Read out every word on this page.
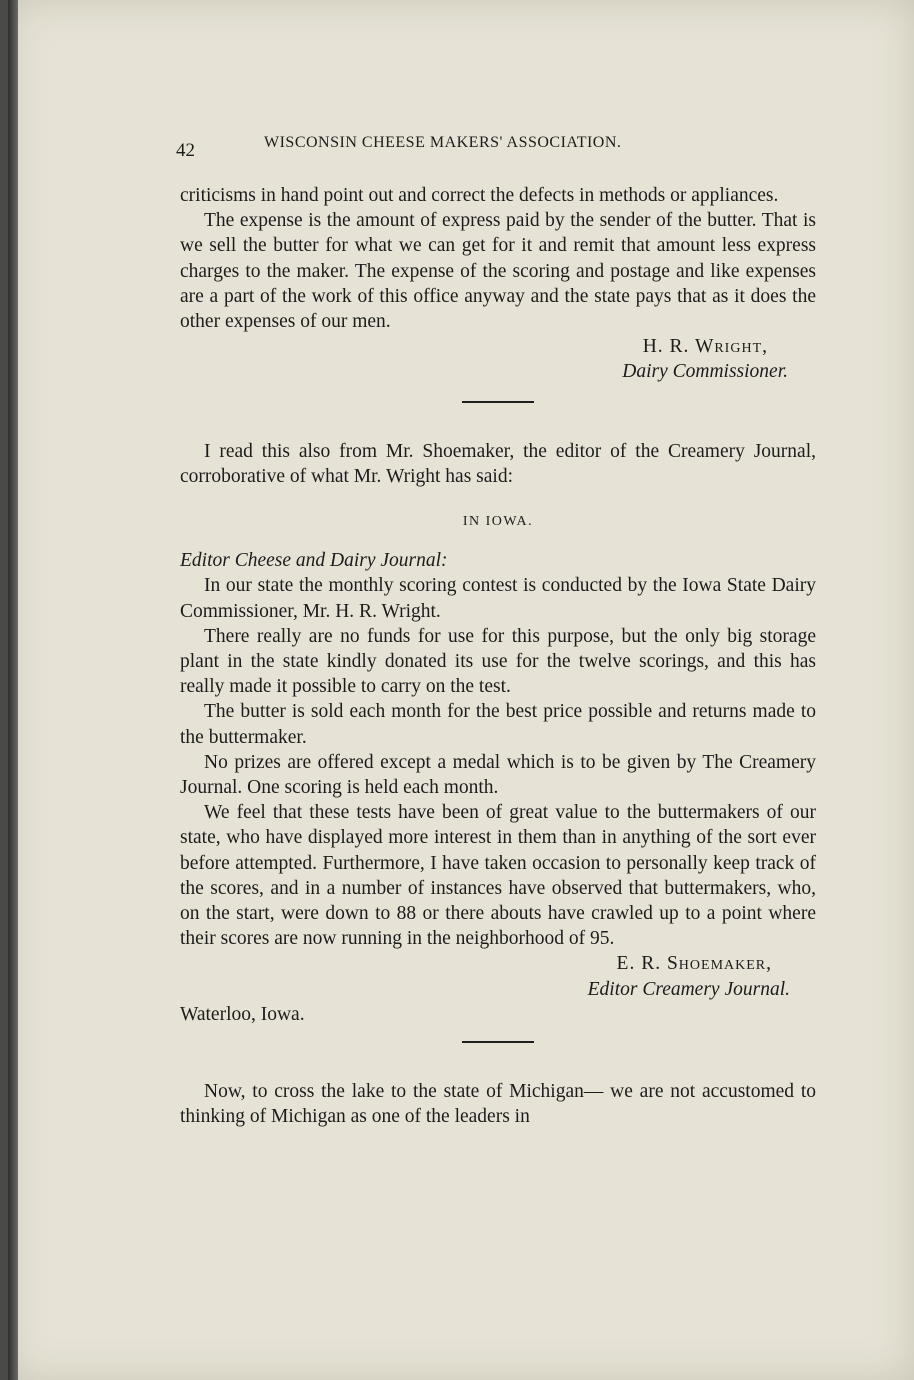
42	WISCONSIN CHEESE MAKERS' ASSOCIATION.

criticisms in hand point out and correct the defects in methods or appliances.

The expense is the amount of express paid by the sender of the butter. That is we sell the butter for what we can get for it and remit that amount less express charges to the maker. The expense of the scoring and postage and like expenses are a part of the work of this office anyway and the state pays that as it does the other expenses of our men.

H. R. Wright,

Dairy Commissioner.

I read this also from Mr. Shoemaker, the editor of the Creamery Journal, corroborative of what Mr. Wright has said:

IN IOWA.

Editor Cheese and Dairy Journal:

In our state the monthly scoring contest is conducted by the Iowa State Dairy Commissioner, Mr. H. R. Wright.

There really are no funds for use for this purpose, but the only big storage plant in the state kindly donated its use for the twelve scorings, and this has really made it possible to carry on the test.

The butter is sold each month for the best price possible and returns made to the buttermaker.

No prizes are offered except a medal which is to be given by The Creamery Journal. One scoring is held each month.

We feel that these tests have been of great value to the buttermakers of our state, who have displayed more interest in them than in anything of the sort ever before attempted. Furthermore, I have taken occasion to personally keep track of the scores, and in a number of instances have observed that buttermakers, who, on the start, were down to 88 or there abouts have crawled up to a point where their scores are now running in the neighborhood of 95.

E. R. Shoemaker,

Editor Creamery Journal.

Waterloo, Iowa.

Now, to cross the lake to the state of Michigan— we are not accustomed to thinking of Michigan as one of the leaders in
